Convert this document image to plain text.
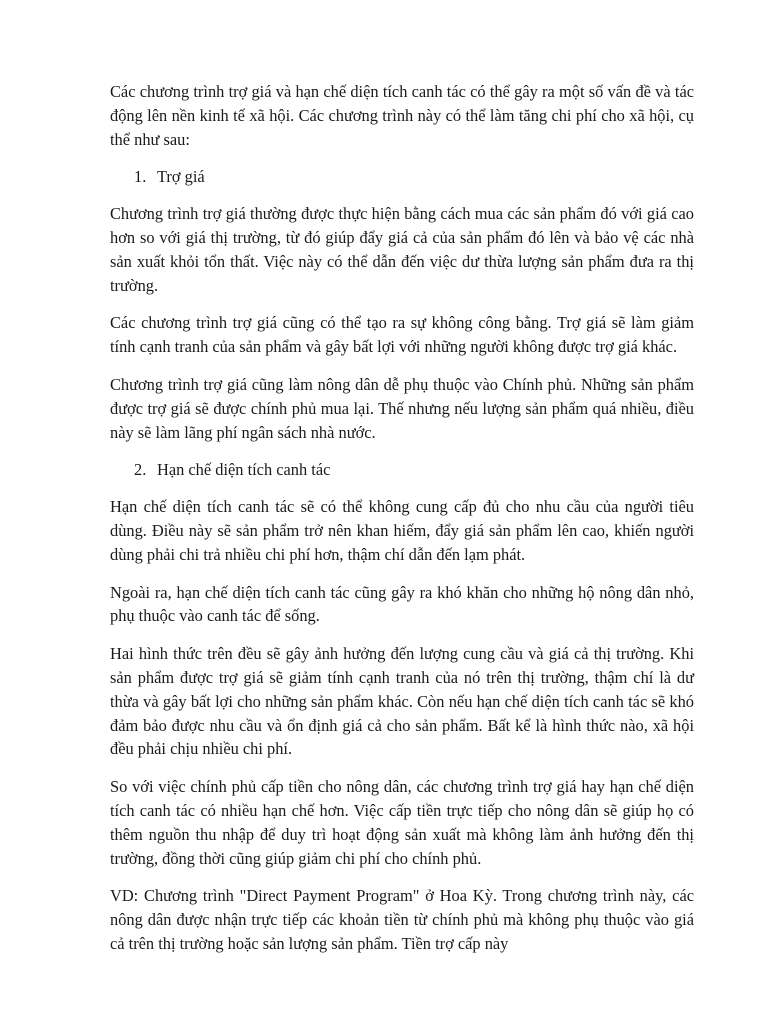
Các chương trình trợ giá và hạn chế diện tích canh tác có thể gây ra một số vấn đề và tác động lên nền kinh tế xã hội. Các chương trình này có thể làm tăng chi phí cho xã hội, cụ thể như sau:

1. Trợ giá

Chương trình trợ giá thường được thực hiện bằng cách mua các sản phẩm đó với giá cao hơn so với giá thị trường, từ đó giúp đẩy giá cả của sản phẩm đó lên và bảo vệ các nhà sản xuất khỏi tổn thất. Việc này có thể dẫn đến việc dư thừa lượng sản phẩm đưa ra thị trường.

Các chương trình trợ giá cũng có thể tạo ra sự không công bằng. Trợ giá sẽ làm giảm tính cạnh tranh của sản phẩm và gây bất lợi với những người không được trợ giá khác.

Chương trình trợ giá cũng làm nông dân dễ phụ thuộc vào Chính phủ. Những sản phẩm được trợ giá sẽ được chính phủ mua lại. Thế nhưng nếu lượng sản phẩm quá nhiều, điều này sẽ làm lãng phí ngân sách nhà nước.

2. Hạn chế diện tích canh tác

Hạn chế diện tích canh tác sẽ có thể không cung cấp đủ cho nhu cầu của người tiêu dùng. Điều này sẽ sản phẩm trở nên khan hiếm, đẩy giá sản phẩm lên cao, khiến người dùng phải chi trả nhiều chi phí hơn, thậm chí dẫn đến lạm phát.

Ngoài ra, hạn chế diện tích canh tác cũng gây ra khó khăn cho những hộ nông dân nhỏ, phụ thuộc vào canh tác để sống.

Hai hình thức trên đều sẽ gây ảnh hưởng đến lượng cung cầu và giá cả thị trường. Khi sản phẩm được trợ giá sẽ giảm tính cạnh tranh của nó trên thị trường, thậm chí là dư thừa và gây bất lợi cho những sản phẩm khác. Còn nếu hạn chế diện tích canh tác sẽ khó đảm bảo được nhu cầu và ổn định giá cả cho sản phẩm. Bất kể là hình thức nào, xã hội đều phải chịu nhiều chi phí.

So với việc chính phủ cấp tiền cho nông dân, các chương trình trợ giá hay hạn chế diện tích canh tác có nhiều hạn chế hơn. Việc cấp tiền trực tiếp cho nông dân sẽ giúp họ có thêm nguồn thu nhập để duy trì hoạt động sản xuất mà không làm ảnh hưởng đến thị trường, đồng thời cũng giúp giảm chi phí cho chính phủ.

VD: Chương trình "Direct Payment Program" ở Hoa Kỳ. Trong chương trình này, các nông dân được nhận trực tiếp các khoản tiền từ chính phủ mà không phụ thuộc vào giá cả trên thị trường hoặc sản lượng sản phẩm. Tiền trợ cấp này
